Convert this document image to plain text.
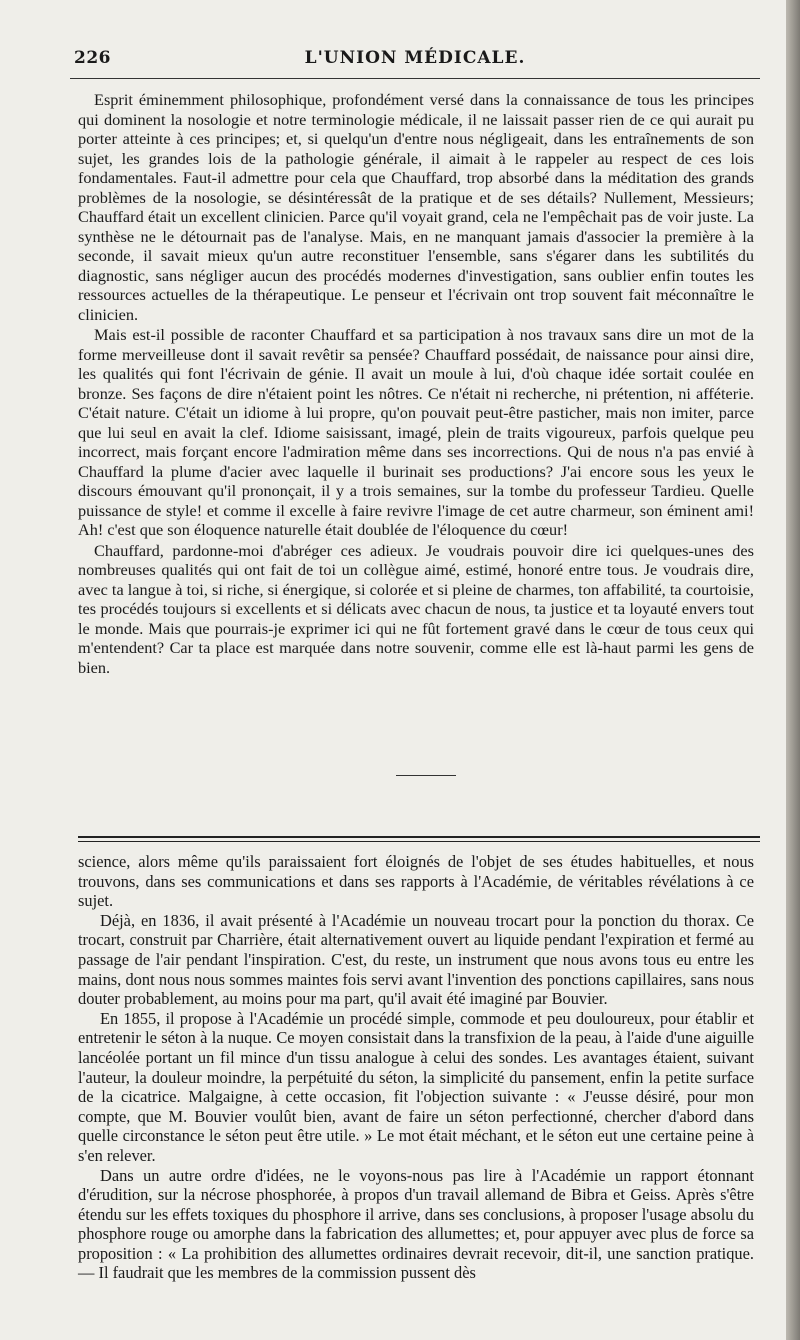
226	L'UNION MÉDICALE.

Esprit éminemment philosophique, profondément versé dans la connaissance de tous les principes qui dominent la nosologie et notre terminologie médicale, il ne laissait passer rien de ce qui aurait pu porter atteinte à ces principes; et, si quelqu'un d'entre nous négligeait, dans les entraînements de son sujet, les grandes lois de la pathologie générale, il aimait à le rappeler au respect de ces lois fondamentales. Faut-il admettre pour cela que Chauffard, trop absorbé dans la méditation des grands problèmes de la nosologie, se désintéressât de la pratique et de ses détails? Nullement, Messieurs; Chauffard était un excellent clinicien. Parce qu'il voyait grand, cela ne l'empêchait pas de voir juste. La synthèse ne le détournait pas de l'analyse. Mais, en ne manquant jamais d'associer la première à la seconde, il savait mieux qu'un autre reconstituer l'ensemble, sans s'égarer dans les subtilités du diagnostic, sans négliger aucun des procédés modernes d'investigation, sans oublier enfin toutes les ressources actuelles de la thérapeutique. Le penseur et l'écrivain ont trop souvent fait méconnaître le clinicien.

Mais est-il possible de raconter Chauffard et sa participation à nos travaux sans dire un mot de la forme merveilleuse dont il savait revêtir sa pensée? Chauffard possédait, de naissance pour ainsi dire, les qualités qui font l'écrivain de génie. Il avait un moule à lui, d'où chaque idée sortait coulée en bronze. Ses façons de dire n'étaient point les nôtres. Ce n'était ni recherche, ni prétention, ni afféterie. C'était nature. C'était un idiome à lui propre, qu'on pouvait peut-être pasticher, mais non imiter, parce que lui seul en avait la clef. Idiome saisissant, imagé, plein de traits vigoureux, parfois quelque peu incorrect, mais forçant encore l'admiration même dans ses incorrections. Qui de nous n'a pas envié à Chauffard la plume d'acier avec laquelle il burinait ses productions? J'ai encore sous les yeux le discours émouvant qu'il prononçait, il y a trois semaines, sur la tombe du professeur Tardieu. Quelle puissance de style! et comme il excelle à faire revivre l'image de cet autre charmeur, son éminent ami! Ah! c'est que son éloquence naturelle était doublée de l'éloquence du cœur!

Chauffard, pardonne-moi d'abréger ces adieux. Je voudrais pouvoir dire ici quelques-unes des nombreuses qualités qui ont fait de toi un collègue aimé, estimé, honoré entre tous. Je voudrais dire, avec ta langue à toi, si riche, si énergique, si colorée et si pleine de charmes, ton affabilité, ta courtoisie, tes procédés toujours si excellents et si délicats avec chacun de nous, ta justice et ta loyauté envers tout le monde. Mais que pourrais-je exprimer ici qui ne fût fortement gravé dans le cœur de tous ceux qui m'entendent? Car ta place est marquée dans notre souvenir, comme elle est là-haut parmi les gens de bien.

science, alors même qu'ils paraissaient fort éloignés de l'objet de ses études habituelles, et nous trouvons, dans ses communications et dans ses rapports à l'Académie, de véritables révélations à ce sujet.

Déjà, en 1836, il avait présenté à l'Académie un nouveau trocart pour la ponction du thorax. Ce trocart, construit par Charrière, était alternativement ouvert au liquide pendant l'expiration et fermé au passage de l'air pendant l'inspiration. C'est, du reste, un instrument que nous avons tous eu entre les mains, dont nous nous sommes maintes fois servi avant l'invention des ponctions capillaires, sans nous douter probablement, au moins pour ma part, qu'il avait été imaginé par Bouvier.

En 1855, il propose à l'Académie un procédé simple, commode et peu douloureux, pour établir et entretenir le séton à la nuque. Ce moyen consistait dans la transfixion de la peau, à l'aide d'une aiguille lancéolée portant un fil mince d'un tissu analogue à celui des sondes. Les avantages étaient, suivant l'auteur, la douleur moindre, la perpétuité du séton, la simplicité du pansement, enfin la petite surface de la cicatrice. Malgaigne, à cette occasion, fit l'objection suivante : « J'eusse désiré, pour mon compte, que M. Bouvier voulût bien, avant de faire un séton perfectionné, chercher d'abord dans quelle circonstance le séton peut être utile. » Le mot était méchant, et le séton eut une certaine peine à s'en relever.

Dans un autre ordre d'idées, ne le voyons-nous pas lire à l'Académie un rapport étonnant d'érudition, sur la nécrose phosphorée, à propos d'un travail allemand de Bibra et Geiss. Après s'être étendu sur les effets toxiques du phosphore il arrive, dans ses conclusions, à proposer l'usage absolu du phosphore rouge ou amorphe dans la fabrication des allumettes; et, pour appuyer avec plus de force sa proposition : « La prohibition des allumettes ordinaires devrait recevoir, dit-il, une sanction pratique. — Il faudrait que les membres de la commission pussent dès
